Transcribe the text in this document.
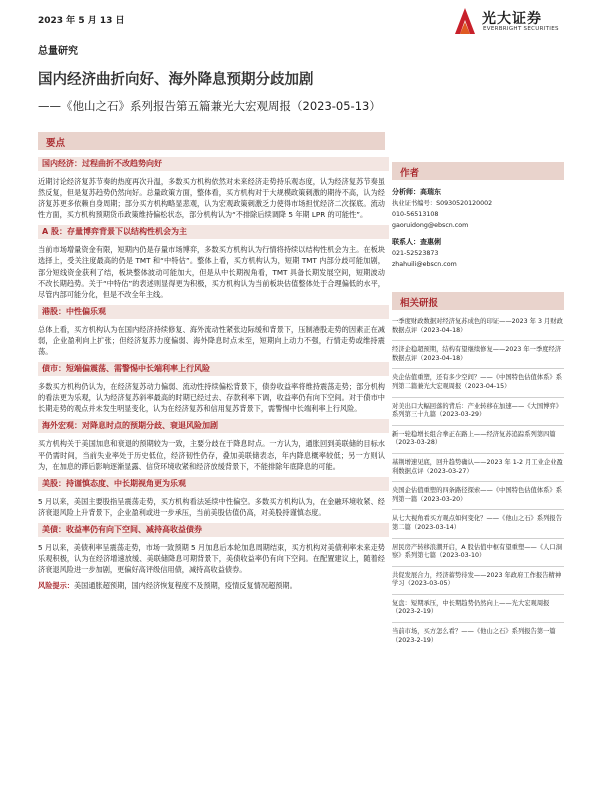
2023 年 5 月 13 日	光大证券
EVERBRIGHT SECURITIES
总量研究
国内经济曲折向好、海外降息预期分歧加剧
——《他山之石》系列报告第五篇兼光大宏观周报（2023-05-13）
要点
国内经济：过程曲折不改趋势向好
近期讨论经济复苏节奏的热度再次升温，多数买方机构依然对未来经济走势持乐观态度，认为经济复苏节奏虽然反复，但是复苏趋势仍然向好。总量政策方面，整体看，买方机构对于大规模政策刺激的期待不高，认为经济复苏更多依赖自身周期；部分买方机构略显悲观，认为宏观政策刺激乏力使得市场担忧经济二次探底。流动性方面，买方机构预期货币政策维持偏松状态，部分机构认为“不排除后续调降 5 年期 LPR 的可能性”。
A 股：存量博弈背景下以结构性机会为主
当前市场增量资金有限，短期内仍是存量市场博弈，多数买方机构认为行情将持续以结构性机会为主。在板块选择上，受关注度最高的仍是 TMT 和“中特估”。整体上看，买方机构认为，短期 TMT 内部分歧可能加剧，部分短线资金获利了结，板块整体波动可能加大，但是从中长期视角看，TMT 具备长期发展空间，短期波动不改长期趋势。关于“中特估”的表述则显得更为积极，买方机构认为当前板块估值整体处于合理偏低的水平，尽管内部可能分化，但是不改全年主线。
港股：中性偏乐观
总体上看，买方机构认为在国内经济持续修复、海外流动性紧张边际缓和背景下，压制港股走势的因素正在减弱，企业盈利向上扩张；但经济复苏力度偏弱、海外降息时点未至，短期向上动力不强，行情走势或维持震荡。
债市：短端偏震荡、需警惕中长端利率上行风险
多数买方机构仍认为，在经济复苏动力偏弱、流动性持续偏松背景下，债券收益率将维持震荡走势；部分机构的看法更为乐观，认为经济复苏斜率最高的时期已经过去、存款利率下调，收益率仍有向下空间。对于债市中长期走势的观点并未发生明显变化，认为在经济复苏和信用复苏背景下，需警惕中长端利率上行风险。
海外宏观：对降息时点的预期分歧、衰退风险加剧
买方机构关于美国加息和衰退的预期较为一致，主要分歧在于降息时点。一方认为，通胀回到美联储的目标水平仍需时间，当前失业率处于历史低位，经济韧性仍存，叠加美联储表态，年内降息概率较低；另一方则认为，在加息的滞后影响逐渐显露、信贷环境收紧和经济放缓背景下，不能排除年底降息的可能。
美股：持谨慎态度、中长期视角更为乐观
5 月以来，美国主要股指呈震荡走势，买方机构看法延续中性偏空。多数买方机构认为，在金融环境收紧、经济衰退风险上升背景下，企业盈利或进一步承压，当前美股估值仍高，对美股持谨慎态度。
美债：收益率仍有向下空间、减持高收益债券
5 月以来，美债利率呈震荡走势，市场一致预期 5 月加息后本轮加息周期结束，买方机构对美债利率未来走势乐观积极，认为在经济增速放缓、美联储降息可期背景下，美债收益率仍有向下空间。在配置建议上，随着经济衰退风险进一步加剧，更偏好高评级信用债，减持高收益债券。
风险提示：美国通胀超预期，国内经济恢复程度不及预期，疫情反复情况超预期。
作者
分析师：高瑞东
执业证书编号：S0930520120002
010-56513108
gaoruidong@ebscn.com
联系人：查惠俐
021-52523873
zhahuili@ebscn.com
相关研报
一季度财政数据对经济复苏成色的印证——2023 年 3 月财政数据点评（2023-04-18）
经济企稳超预期，结构有望继续修复——2023 年一季度经济数据点评（2023-04-18）
央企估值重塑，还有多少空间？——《中国特色估值体系》系列第二篇兼光大宏观周报（2023-04-15）
对美出口大幅回落的背后：产业转移在加速——《大国博弈》系列第三十九篇（2023-03-29）
新一轮稳增长组合拳正在路上——经济复苏追踪系列第四篇（2023-03-28）
基荆增速见底，回升趋势确认——2023 年 1-2 月工业企业盈利数据点评（2023-03-27）
央国企估值重塑的四条路径探索——《中国特色估值体系》系列第一篇（2023-03-20）
从七大视角看买方观点如何变化？——《他山之石》系列报告第二篇（2023-03-14）
居民房产转移浪潮开启，A 股估值中枢有望重塑——《人口洞察》系列第七篇（2023-03-10）
共促发展合力，经济蓄势待发——2023 年政府工作报告精神学习（2023-03-05）
复盘：短期承压，中长期趋势仍然向上——光大宏观周报（2023-2-19）
当前市场，买方怎么看？——《他山之石》系列报告第一篇（2023-2-19）
